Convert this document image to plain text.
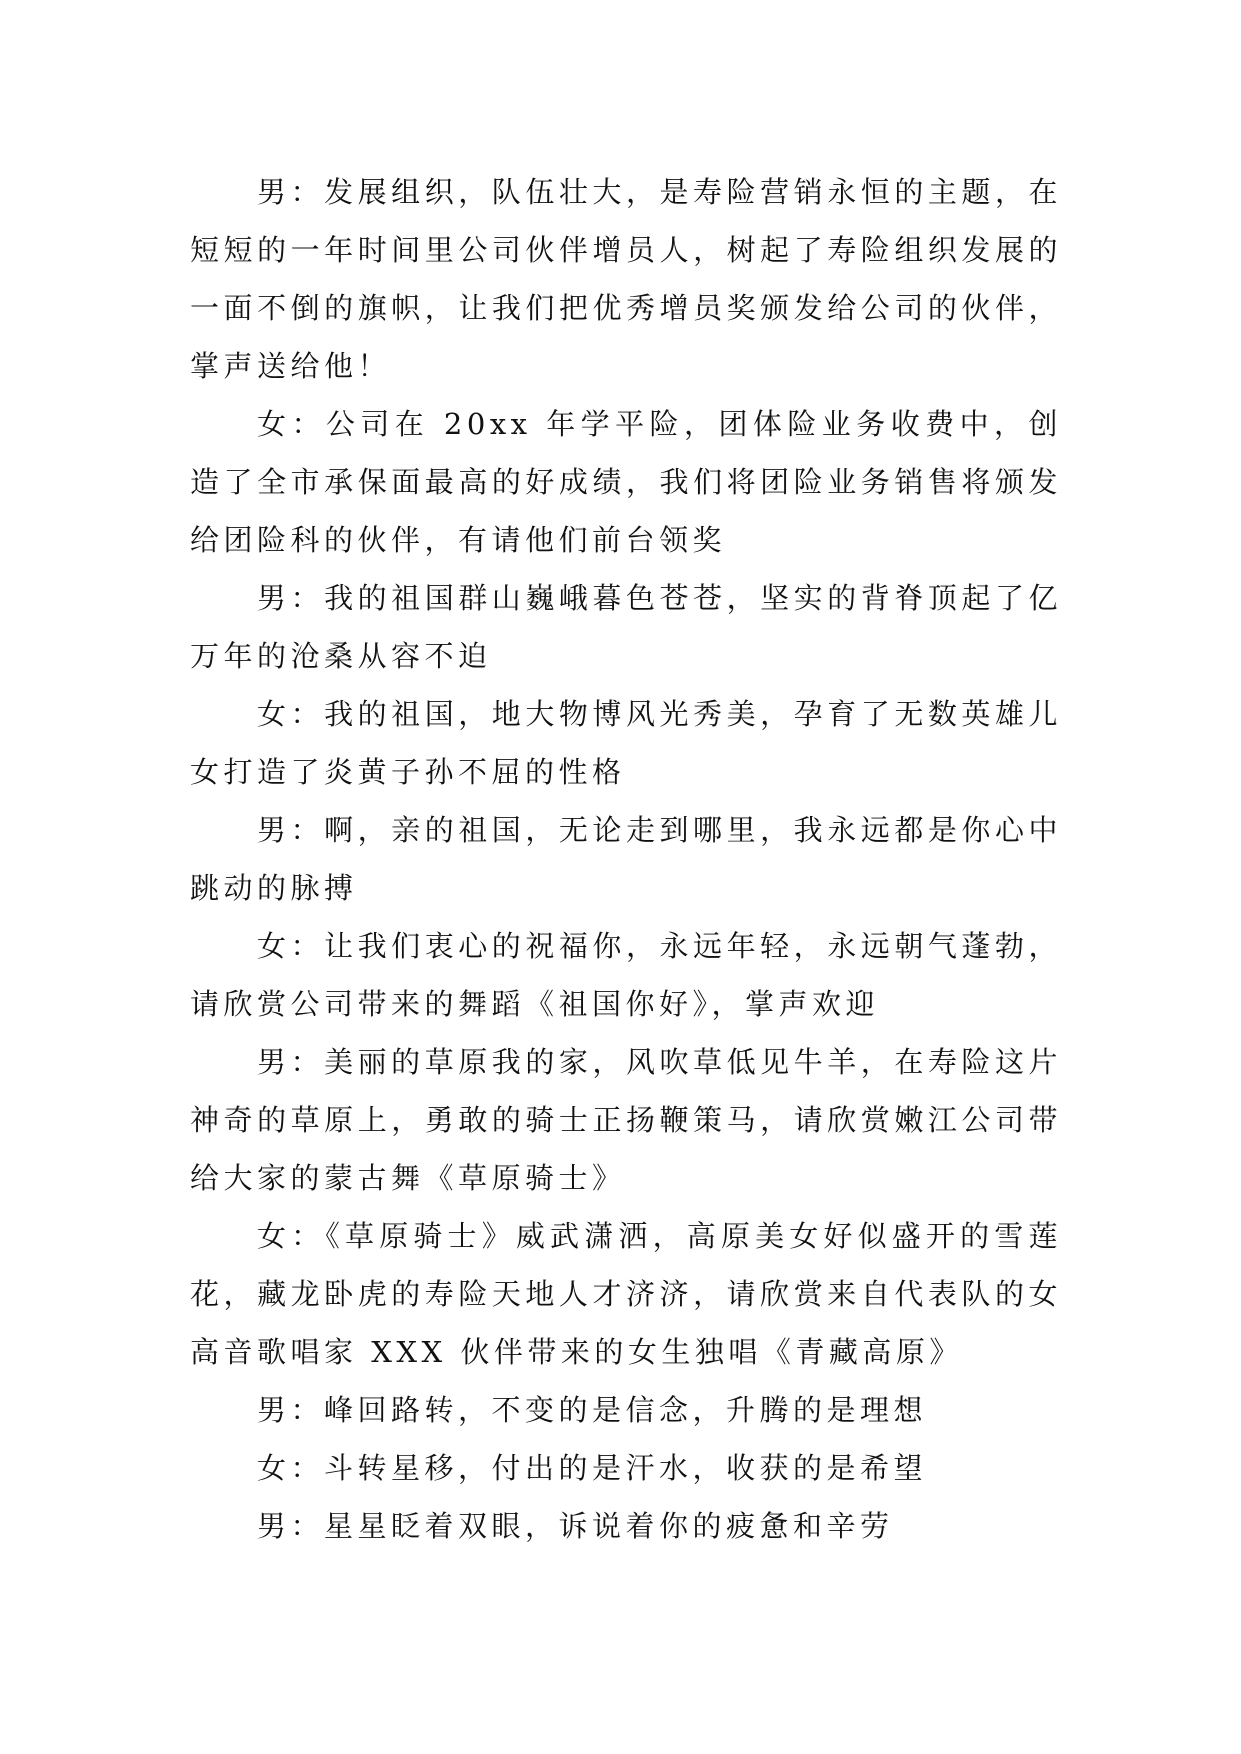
男：发展组织，队伍壮大，是寿险营销永恒的主题，在短短的一年时间里公司伙伴增员人，树起了寿险组织发展的一面不倒的旗帜，让我们把优秀增员奖颁发给公司的伙伴，掌声送给他！

女：公司在 20xx 年学平险，团体险业务收费中，创造了全市承保面最高的好成绩，我们将团险业务销售将颁发给团险科的伙伴，有请他们前台领奖

男：我的祖国群山巍峨暮色苍苍，坚实的背脊顶起了亿万年的沧桑从容不迫

女：我的祖国，地大物博风光秀美，孕育了无数英雄儿女打造了炎黄子孙不屈的性格

男：啊，亲的祖国，无论走到哪里，我永远都是你心中跳动的脉搏

女：让我们衷心的祝福你，永远年轻，永远朝气蓬勃，请欣赏公司带来的舞蹈《祖国你好》，掌声欢迎

男：美丽的草原我的家，风吹草低见牛羊，在寿险这片神奇的草原上，勇敢的骑士正扬鞭策马，请欣赏嫩江公司带给大家的蒙古舞《草原骑士》

女：《草原骑士》威武潇洒，高原美女好似盛开的雪莲花，藏龙卧虎的寿险天地人才济济，请欣赏来自代表队的女高音歌唱家 XXX 伙伴带来的女生独唱《青藏高原》

男：峰回路转，不变的是信念，升腾的是理想

女：斗转星移，付出的是汗水，收获的是希望

男：星星眨着双眼，诉说着你的疲惫和辛劳
